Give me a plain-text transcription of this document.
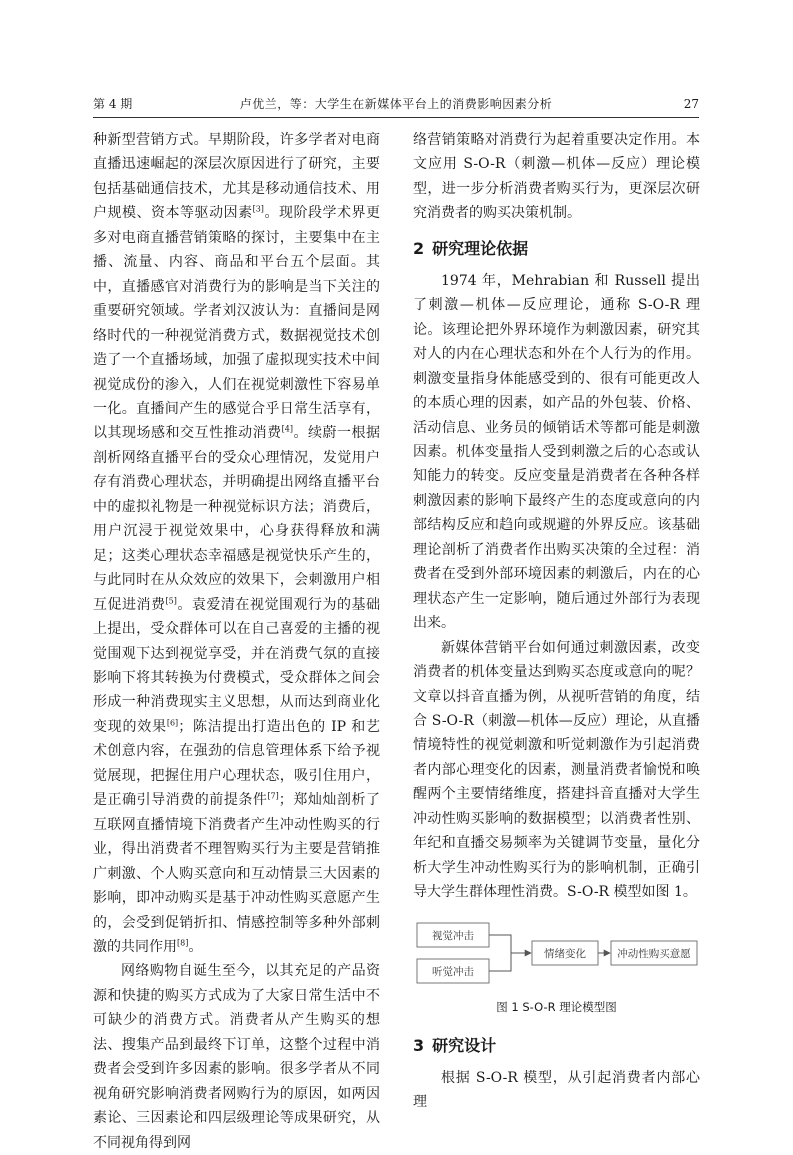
第 4 期	卢优兰，等：大学生在新媒体平台上的消费影响因素分析	27

种新型营销方式。早期阶段，许多学者对电商直播迅速崛起的深层次原因进行了研究，主要包括基础通信技术，尤其是移动通信技术、用户规模、资本等驱动因素[3]。现阶段学术界更多对电商直播营销策略的探讨，主要集中在主播、流量、内容、商品和平台五个层面。其中，直播感官对消费行为的影响是当下关注的重要研究领域。学者刘汉波认为：直播间是网络时代的一种视觉消费方式，数据视觉技术创造了一个直播场域，加强了虚拟现实技术中间视觉成份的渗入，人们在视觉刺激性下容易单一化。直播间产生的感觉合乎日常生活享有，以其现场感和交互性推动消费[4]。续蔚一根据剖析网络直播平台的受众心理情况，发觉用户存有消费心理状态，并明确提出网络直播平台中的虚拟礼物是一种视觉标识方法；消费后，用户沉浸于视觉效果中，心身获得释放和满足；这类心理状态幸福感是视觉快乐产生的，与此同时在从众效应的效果下，会刺激用户相互促进消费[5]。袁爱清在视觉围观行为的基础上提出，受众群体可以在自己喜爱的主播的视觉围观下达到视觉享受，并在消费气氛的直接影响下将其转换为付费模式，受众群体之间会形成一种消费现实主义思想，从而达到商业化变现的效果[6]；陈洁提出打造出色的 IP 和艺术创意内容，在强劲的信息管理体系下给予视觉展现，把握住用户心理状态，吸引住用户，是正确引导消费的前提条件[7]；郑灿灿剖析了互联网直播情境下消费者产生冲动性购买的行业，得出消费者不理智购买行为主要是营销推广刺激、个人购买意向和互动情景三大因素的影响，即冲动购买是基于冲动性购买意愿产生的，会受到促销折扣、情感控制等多种外部刺激的共同作用[8]。

网络购物自诞生至今，以其充足的产品资源和快捷的购买方式成为了大家日常生活中不可缺少的消费方式。消费者从产生购买的想法、搜集产品到最终下订单，这整个过程中消费者会受到许多因素的影响。很多学者从不同视角研究影响消费者网购行为的原因，如两因素论、三因素论和四层级理论等成果研究，从不同视角得到网

络营销策略对消费行为起着重要决定作用。本文应用 S-O-R（刺激—机体—反应）理论模型，进一步分析消费者购买行为，更深层次研究消费者的购买决策机制。

2 研究理论依据

1974 年，Mehrabian 和 Russell 提出了刺激—机体—反应理论，通称 S-O-R 理论。该理论把外界环境作为刺激因素，研究其对人的内在心理状态和外在个人行为的作用。刺激变量指身体能感受到的、很有可能更改人的本质心理的因素，如产品的外包装、价格、活动信息、业务员的倾销话术等都可能是刺激因素。机体变量指人受到刺激之后的心态或认知能力的转变。反应变量是消费者在各种各样刺激因素的影响下最终产生的态度或意向的内部结构反应和趋向或规避的外界反应。该基础理论剖析了消费者作出购买决策的全过程：消费者在受到外部环境因素的刺激后，内在的心理状态产生一定影响，随后通过外部行为表现出来。

新媒体营销平台如何通过刺激因素，改变消费者的机体变量达到购买态度或意向的呢？文章以抖音直播为例，从视听营销的角度，结合 S-O-R（刺激—机体—反应）理论，从直播情境特性的视觉刺激和听觉刺激作为引起消费者内部心理变化的因素，测量消费者愉悦和唤醒两个主要情绪维度，搭建抖音直播对大学生冲动性购买影响的数据模型；以消费者性别、年纪和直播交易频率为关键调节变量，量化分析大学生冲动性购买行为的影响机制，正确引导大学生群体理性消费。S-O-R 模型如图 1。

视觉冲击
听觉冲击
情绪变化	冲动性购买意愿
图 1 S-O-R 理论模型图
3 研究设计

根据 S-O-R 模型，从引起消费者内部心理
